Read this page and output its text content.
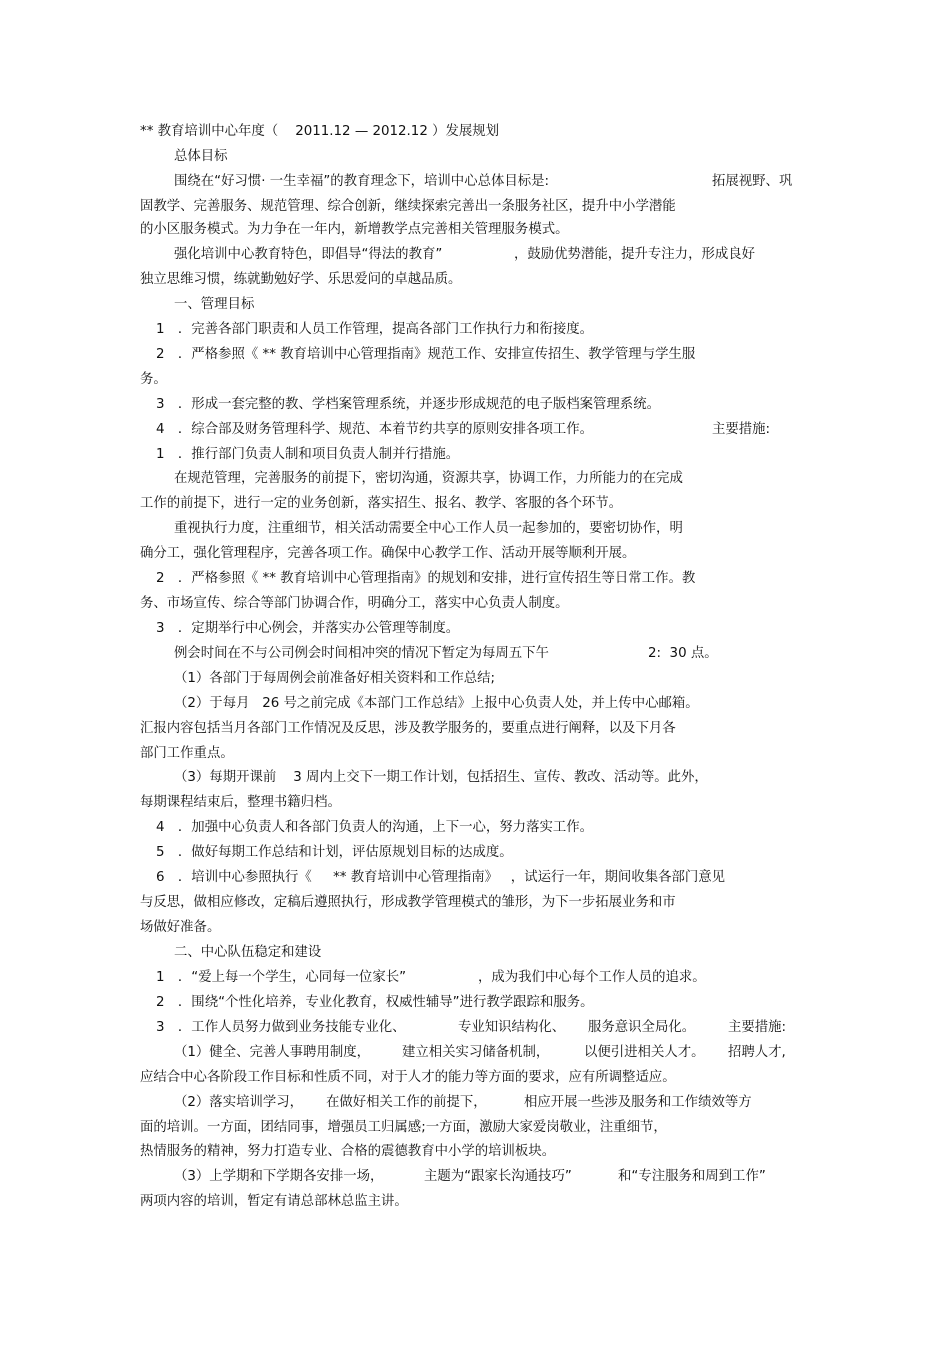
** 教育培训中心年度（    2011.12 — 2012.12 ）发展规划
总体目标
围绕在“好习惯· 一生幸福”的教育理念下，培训中心总体目标是:	拓展视野、巩
固教学、完善服务、规范管理、综合创新，继续探索完善出一条服务社区，提升中小学潜能
的小区服务模式。为力争在一年内，新增教学点完善相关管理服务模式。
强化培训中心教育特色，即倡导“得法的教育”	，鼓励优势潜能，提升专注力，形成良好
独立思维习惯，练就勤勉好学、乐思爱问的卓越品质。
一、管理目标
1　．完善各部门职责和人员工作管理，提高各部门工作执行力和衔接度。
2　．严格参照《 ** 教育培训中心管理指南》规范工作、安排宣传招生、教学管理与学生服
务。
3　．形成一套完整的教、学档案管理系统，并逐步形成规范的电子版档案管理系统。
4　．综合部及财务管理科学、规范、本着节约共享的原则安排各项工作。	主要措施:
1　．推行部门负责人制和项目负责人制并行措施。
在规范管理，完善服务的前提下，密切沟通，资源共享，协调工作，力所能力的在完成
工作的前提下，进行一定的业务创新，落实招生、报名、教学、客服的各个环节。
重视执行力度，注重细节，相关活动需要全中心工作人员一起参加的，要密切协作，明
确分工，强化管理程序，完善各项工作。确保中心教学工作、活动开展等顺利开展。
2　．严格参照《 ** 教育培训中心管理指南》的规划和安排，进行宣传招生等日常工作。教
务、市场宣传、综合等部门协调合作，明确分工，落实中心负责人制度。
3　．定期举行中心例会，并落实办公管理等制度。
例会时间在不与公司例会时间相冲突的情况下暂定为每周五下午	2:  30 点。
（1）各部门于每周例会前准备好相关资料和工作总结;
（2）于每月   26 号之前完成《本部门工作总结》上报中心负责人处，并上传中心邮箱。
汇报内容包括当月各部门工作情况及反思，涉及教学服务的，要重点进行阐释，以及下月各
部门工作重点。
（3）每期开课前    3 周内上交下一期工作计划，包括招生、宣传、教改、活动等。此外，
每期课程结束后，整理书籍归档。
4　．加强中心负责人和各部门负责人的沟通，上下一心，努力落实工作。
5　．做好每期工作总结和计划，评估原规划目标的达成度。
6　．培训中心参照执行《     ** 教育培训中心管理指南》   ，试运行一年，期间收集各部门意见
与反思，做相应修改，定稿后遵照执行，形成教学管理模式的雏形，为下一步拓展业务和市
场做好准备。
二、中心队伍稳定和建设
1　．“爱上每一个学生，心同每一位家长”	，成为我们中心每个工作人员的追求。
2　．围绕“个性化培养，专业化教育，权威性辅导”进行教学跟踪和服务。
3　．工作人员努力做到业务技能专业化、	专业知识结构化、 服务意识全局化。 主要措施:
（1）健全、完善人事聘用制度， 建立相关实习储备机制，	以便引进相关人才。 招聘人才,
应结合中心各阶段工作目标和性质不同，对于人才的能力等方面的要求，应有所调整适应。
（2）落实培训学习， 在做好相关工作的前提下，	相应开展一些涉及服务和工作绩效等方
面的培训。一方面，团结同事，增强员工归属感;一方面，激励大家爱岗敬业，注重细节，
热情服务的精神，努力打造专业、合格的震德教育中小学的培训板块。
（3）上学期和下学期各安排一场，	主题为“跟家长沟通技巧”	和“专注服务和周到工作”
两项内容的培训，暂定有请总部林总监主讲。
